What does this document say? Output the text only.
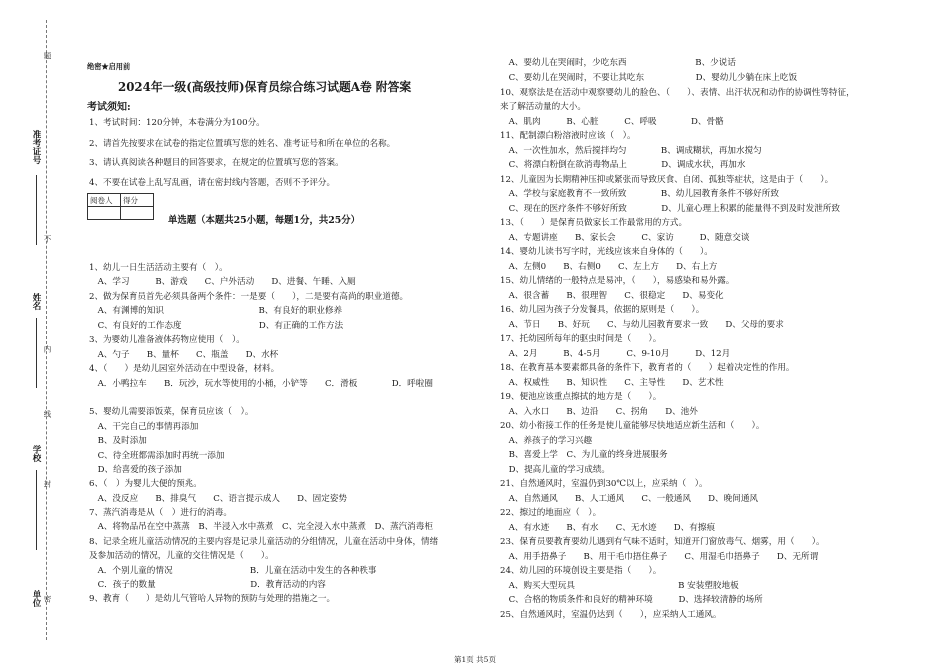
题
不
内
线
封
密
准考证号
姓名
学校
单位
绝密★启用前
2024年一级(高级技师)保育员综合练习试题A卷 附答案
考试须知:
1、考试时间：120分钟，本卷满分为100分。
2、请首先按要求在试卷的指定位置填写您的姓名、准考证号和所在单位的名称。
3、请认真阅读各种题目的回答要求，在规定的位置填写您的答案。
4、不要在试卷上乱写乱画，请在密封线内答题，否则不予评分。
阅卷人	得分

单选题（本题共25小题，每题1分，共25分）
1、幼儿一日生活活动主要有（　）。
　A、学习　　　B、游戏　　C、户外活动　　D、进餐、午睡、入厕
2、做为保育员首先必须具备两个条件：一是要（　　），二是要有高尚的职业道德。
　A、有渊博的知识　　　　　　　　　　　B、有良好的职业修养
　C、有良好的工作态度　　　　　　　　　D、有正确的工作方法
3、为婴幼儿准备液体药物应使用（　）。
　A、勺子　　B、量杯　　C、瓶盖　　D、水杯
4、（　　）是幼儿园室外活动在中型设备，材料。
　A．小鸭拉车　　B．玩沙，玩水等使用的小桶，小铲等　　C．滑板　　　　D．呼啦圈
5、婴幼儿需要添饭菜，保育员应该（　）。
　A、干完自己的事情再添加
　B、及时添加
　C、待全班都需添加时再统一添加
　D、给喜爱的孩子添加
6、（　）为婴儿大便的预兆。
　A、没反应　　B、排臭气　　C、语言提示成人　　D、固定姿势
7、蒸汽消毒是从（　）进行的消毒。
　A、将物品吊在空中蒸蒸　B、半浸入水中蒸煮　C、完全浸入水中蒸煮　D、蒸汽消毒柜
8、记录全班儿童活动情况的主要内容是记录儿童活动的分组情况，儿童在活动中身体，情绪
及参加活动的情况，儿童的交往情况是（　　）。
　A．个别儿童的情况　　　　　　　　　B．儿童在活动中发生的各种秩事
　C．孩子的数量　　　　　　　　　　　D．教育活动的内容
9、教育（　　）是幼儿气管哈人异物的预防与处理的措施之一。
　A、要幼儿在哭闹时，少吃东西　　　　　　　　B、少说话
　C、要幼儿在哭闹时，不要让其吃东　　　　　　D、婴幼儿少躺在床上吃饭
10、观察法是在活动中观察婴幼儿的脸色、（　　）、表情、出汗状况和动作的协调性等特征，
来了解活动量的大小。
　A、肌肉　　　B、心脏　　　C、呼吸　　　　D、骨骼
11、配制漂白粉溶液时应该（　）。
　A、一次性加水，然后搅拌均匀　　　　B、调成糊状，再加水搅匀
　C、将漂白粉倒在欲消毒物品上　　　　D、调成水状，再加水
12、儿童因为长期精神压抑或紧张而导致厌食、自闭、孤独等症状，这是由于（　　）。
　A、学校与家庭教育不一致所致　　　　B、幼儿园教育条件不够好所致
　C、现在的医疗条件不够好所致　　　　D、儿童心理上积累的能量得不到及时发泄所致
13、（　　）是保育员做家长工作最常用的方式。
　A、专题讲座　　B、家长会　　　C、家访　　　D、随意交谈
14、婴幼儿读书写字时，光线应该来自身体的（　　）。
　A、左侧0　　B、右侧0　　C、左上方　　D、右上方
15、幼儿情绪的一般特点是易冲，（　　），易感染和易外露。
　A、很含蓄　　B、很理智　　C、很稳定　　D、易变化
16、幼儿园为孩子分发餐具，依据的原则是（　　）。
　A、节日　　B、好玩　　C、与幼儿园教育要求一致　　D、父母的要求
17、托幼园所每年的驱虫时间是（　　）。
　A、2月　　　B、4-5月　　　C、9-10月　　　D、12月
18、在教育基本要素都具备的条件下，教育者的（　　）起着决定性的作用。
　A、权威性　　B、知识性　　C、主导性　　D、艺术性
19、便池应该重点擦拭的地方是（　　）。
　A、入水口　　B、边沿　　C、拐角　　D、池外
20、幼小衔接工作的任务是使儿童能够尽快地适应新生活和（　　）。
　A、养孩子的学习兴趣
　B、喜爱上学　C、为儿童的终身进展服务
　D、提高儿童的学习成绩。
21、自然通风时，室温仍到30℃以上，应采纳（　）。
　A、自然通风　　B、人工通风　　C、一般通风　　D、晚间通风
22、擦过的地面应（　）。
　A、有水迹　　B、有水　　C、无水迹　　D、有擦痕
23、保育员要教育要幼儿遇到有气味不适时，知道开门窗放毒气、烟雾，用（　　）。
　A、用手捂鼻子　　B、用干毛巾捂住鼻子　　C、用湿毛巾捂鼻子　　D、无所谓
24、幼儿园的环境创设主要是指（　　）。
　A、购买大型玩具　　　　　　　　　　　　B 安装塑胶地板
　C、合格的物质条件和良好的精神环境　　　D、选择较清静的场所
25、自然通风时，室温仍达到（　　），应采纳人工通风。
第1页 共5页
